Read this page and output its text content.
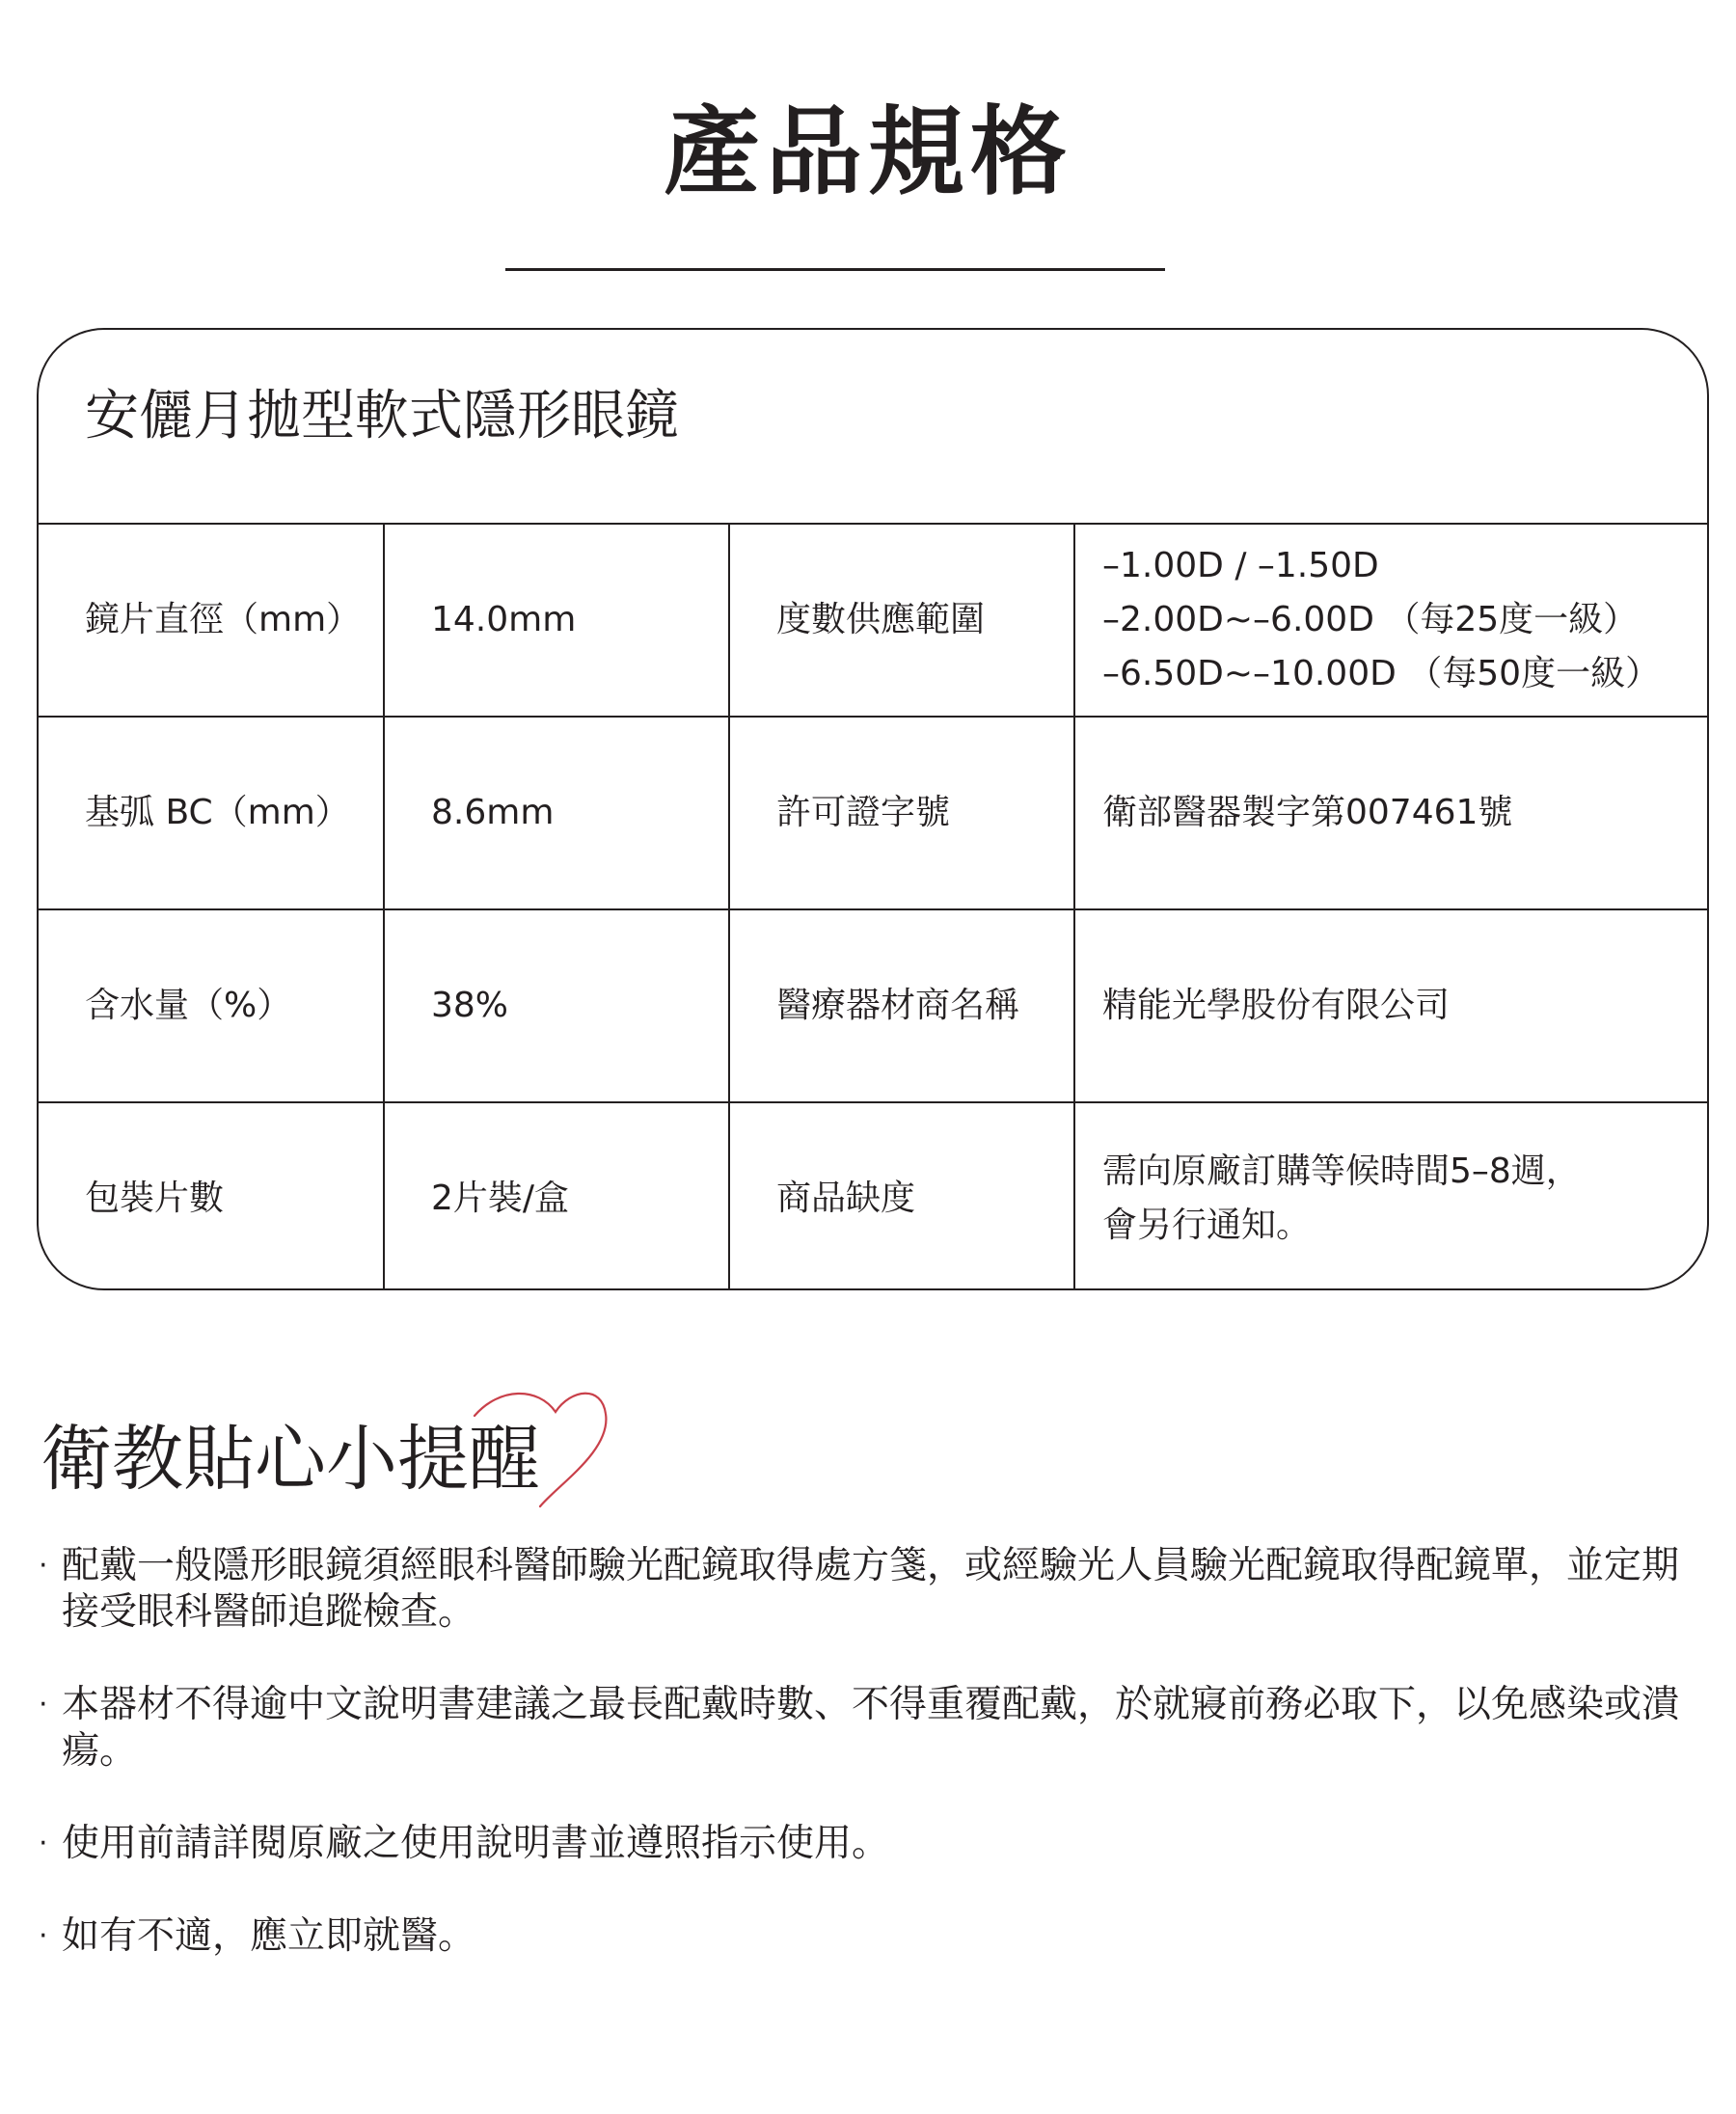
產品規格
安儷月拋型軟式隱形眼鏡
鏡片直徑（mm）	14.0mm	度數供應範圍	–1.00D / –1.50D
–2.00D~–6.00D （每25度一級）
–6.50D~–10.00D （每50度一級）

基弧 BC（mm）	8.6mm	許可證字號	衛部醫器製字第007461號
含水量（%）	38%	醫療器材商名稱	精能光學股份有限公司
包裝片數	2片裝/盒	商品缺度	需向原廠訂購等候時間5–8週，
會另行通知。
衛教貼心小提醒
· 配戴一般隱形眼鏡須經眼科醫師驗光配鏡取得處方箋，或經驗光人員驗光配鏡取得配鏡單，並定期接受眼科醫師追蹤檢查。
· 本器材不得逾中文說明書建議之最長配戴時數、不得重覆配戴，於就寢前務必取下，以免感染或潰瘍。
· 使用前請詳閱原廠之使用說明書並遵照指示使用。
· 如有不適，應立即就醫。
